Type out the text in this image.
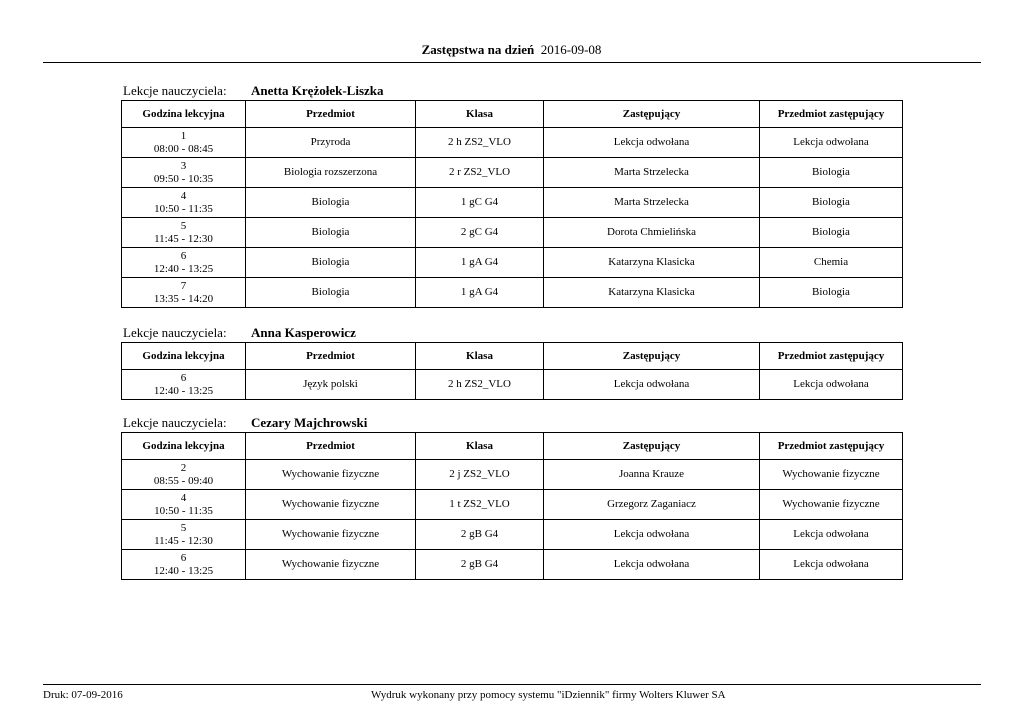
Zastępstwa na dzień 2016-09-08
Lekcje nauczyciela: Anetta Krężołek-Liszka
Godzina lekcyjna	Przedmiot	Klasa	Zastępujący	Przedmiot zastępujący

1
08:00 - 08:45	Przyroda	2 h ZS2_VLO	Lekcja odwołana	Lekcja odwołana

3
09:50 - 10:35	Biologia rozszerzona	2 r ZS2_VLO	Marta Strzelecka	Biologia

4
10:50 - 11:35	Biologia	1 gC G4	Marta Strzelecka	Biologia

5
11:45 - 12:30	Biologia	2 gC G4	Dorota Chmielińska	Biologia

6
12:40 - 13:25	Biologia	1 gA G4	Katarzyna Klasicka	Chemia

7
13:35 - 14:20	Biologia	1 gA G4	Katarzyna Klasicka	Biologia
Lekcje nauczyciela: Anna Kasperowicz
Godzina lekcyjna	Przedmiot	Klasa	Zastępujący	Przedmiot zastępujący

6
12:40 - 13:25	Język polski	2 h ZS2_VLO	Lekcja odwołana	Lekcja odwołana
Lekcje nauczyciela: Cezary Majchrowski
Godzina lekcyjna	Przedmiot	Klasa	Zastępujący	Przedmiot zastępujący

2
08:55 - 09:40	Wychowanie fizyczne	2 j ZS2_VLO	Joanna Krauze	Wychowanie fizyczne

4
10:50 - 11:35	Wychowanie fizyczne	1 t ZS2_VLO	Grzegorz Zaganiacz	Wychowanie fizyczne

5
11:45 - 12:30	Wychowanie fizyczne	2 gB G4	Lekcja odwołana	Lekcja odwołana

6
12:40 - 13:25	Wychowanie fizyczne	2 gB G4	Lekcja odwołana	Lekcja odwołana
Druk: 07-09-2016	Wydruk wykonany przy pomocy systemu "iDziennik" firmy Wolters Kluwer SA
